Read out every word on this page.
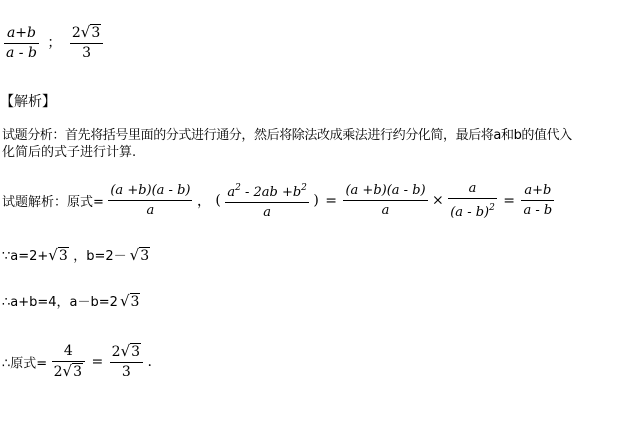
$\frac{a+b}{a - b}$ ； $\frac{2√3}{3}$
【解析】
试题分析：首先将括号里面的分式进行通分，然后将除法改成乘法进行约分化简，最后将a和b的值代入
化简后的式子进行计算.
试题解析：原式= $\frac{(a +b)(a - b)}{a}$ ， ( $\frac{a^2 - 2ab +b^2}{a}$ ) = $\frac{(a +b)(a - b)}{a} \times \frac{a}{(a - b)^2} = \frac{a+b}{a - b}$
∵a=2+√3 ，b=2－ √3
∴a+b=4，a－b=2 √3
∴原式= $\frac{4}{2√3} = \frac{2√3}{3}$ .
